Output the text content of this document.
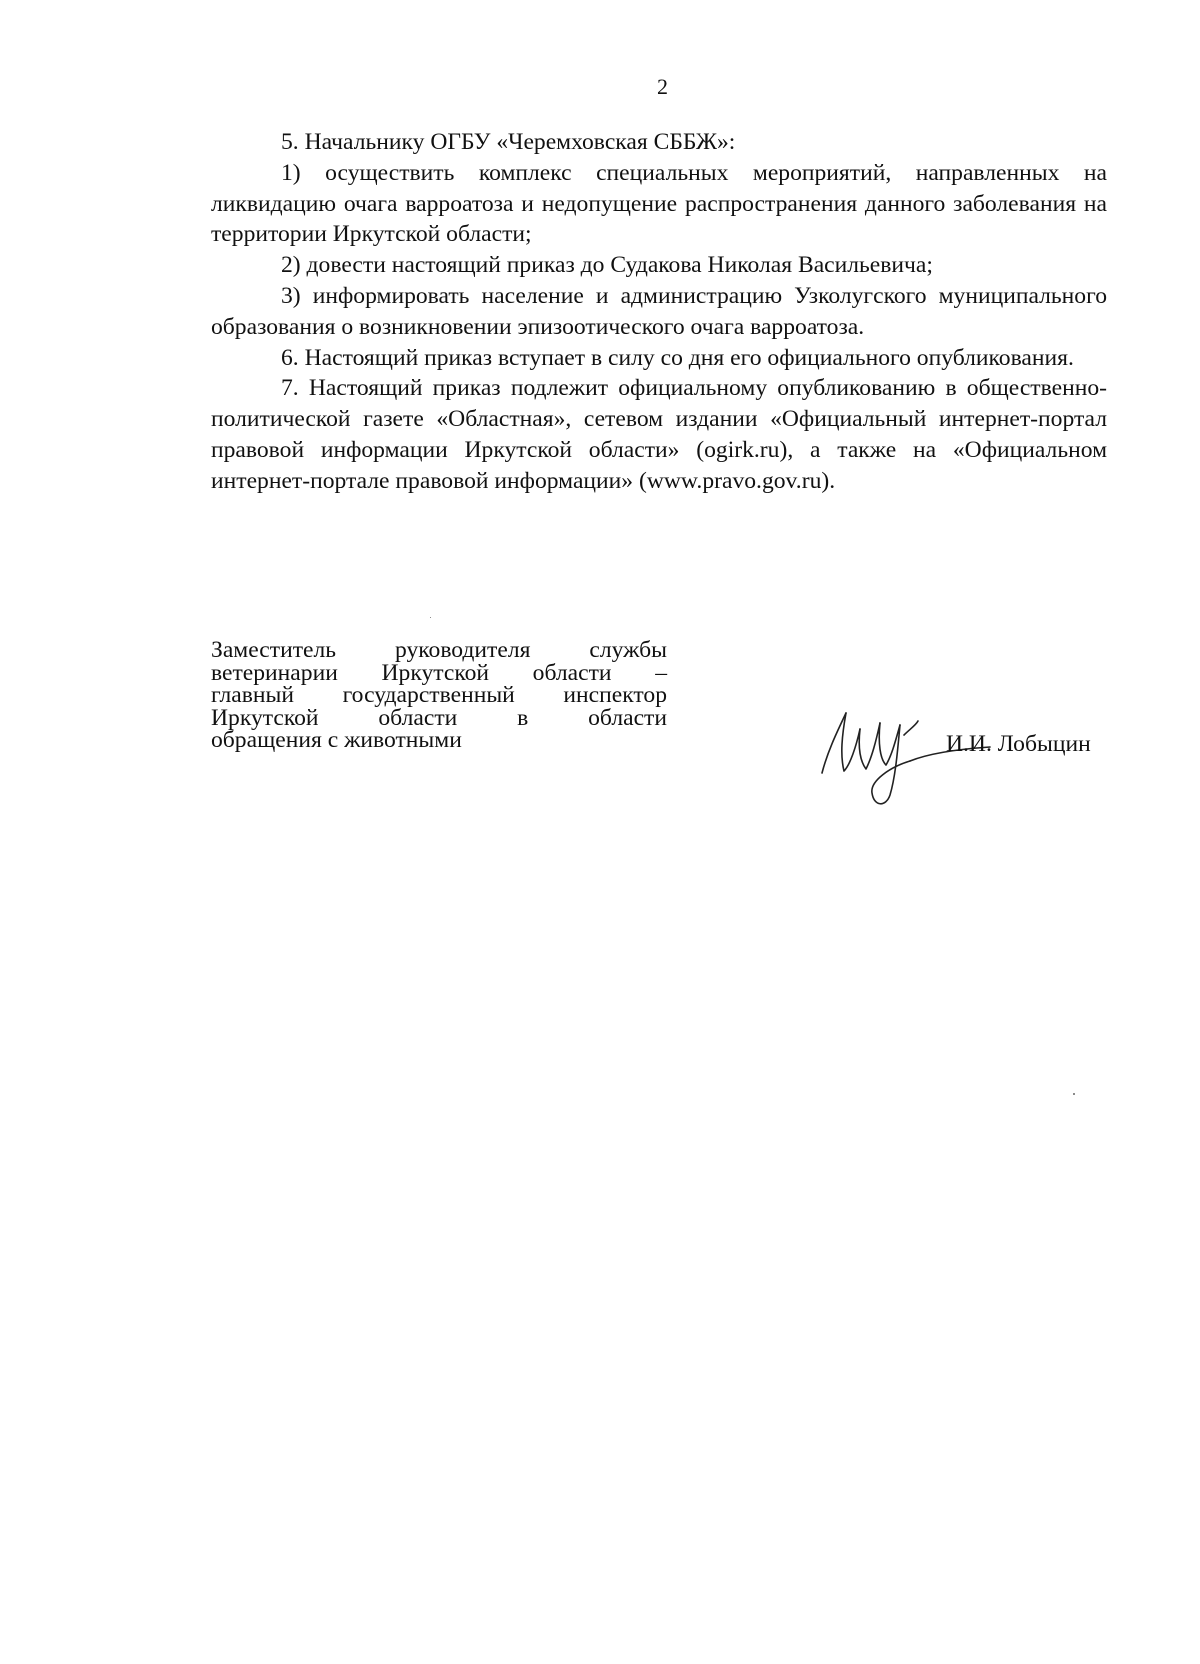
2

5. Начальнику ОГБУ «Черемховская СББЖ»:

1) осуществить комплекс специальных мероприятий, направленных на ликвидацию очага варроатоза и недопущение распространения данного заболевания на территории Иркутской области;

2) довести настоящий приказ до Судакова Николая Васильевича;

3) информировать население и администрацию Узколугского муниципального образования о возникновении эпизоотического очага варроатоза.

6. Настоящий приказ вступает в силу со дня его официального опубликования.

7. Настоящий приказ подлежит официальному опубликованию в общественно-политической газете «Областная», сетевом издании «Официальный интернет-портал правовой информации Иркутской области» (ogirk.ru), а также на «Официальном интернет-портале правовой информации» (www.pravo.gov.ru).

Заместитель руководителя службы
ветеринарии Иркутской области –
главный государственный инспектор
Иркутской области в области
обращения с животными	И.И. Лобыцин
